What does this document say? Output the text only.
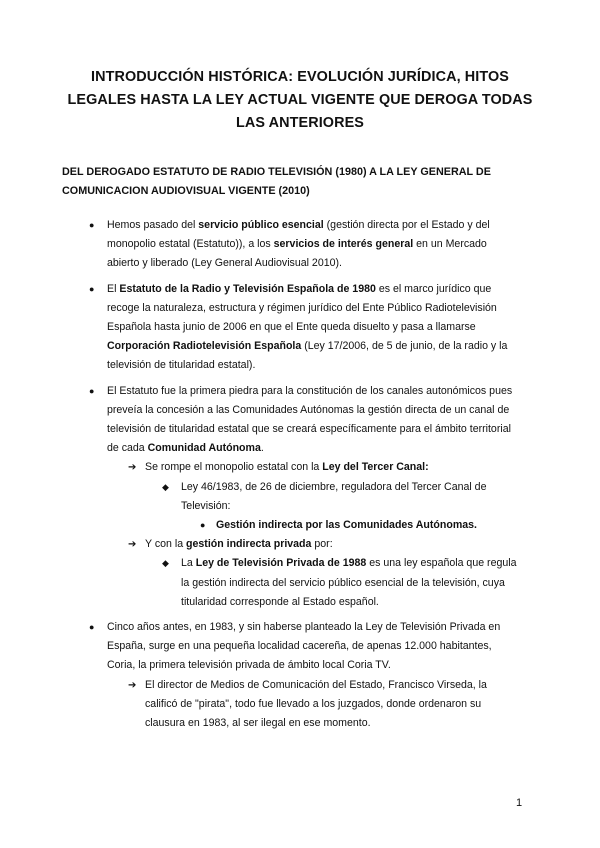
INTRODUCCIÓN HISTÓRICA: EVOLUCIÓN JURÍDICA, HITOS LEGALES HASTA LA LEY ACTUAL VIGENTE QUE DEROGA TODAS LAS ANTERIORES
DEL DEROGADO ESTATUTO DE RADIO TELEVISIÓN (1980) A LA LEY GENERAL DE COMUNICACION AUDIOVISUAL VIGENTE (2010)
● Hemos pasado del servicio público esencial (gestión directa por el Estado y del monopolio estatal (Estatuto)), a los servicios de interés general en un Mercado abierto y liberado (Ley General Audiovisual 2010).
● El Estatuto de la Radio y Televisión Española de 1980 es el marco jurídico que recoge la naturaleza, estructura y régimen jurídico del Ente Público Radiotelevisión Española hasta junio de 2006 en que el Ente queda disuelto y pasa a llamarse Corporación Radiotelevisión Española (Ley 17/2006, de 5 de junio, de la radio y la televisión de titularidad estatal).
● El Estatuto fue la primera piedra para la constitución de los canales autonómicos pues preveía la concesión a las Comunidades Autónomas la gestión directa de un canal de televisión de titularidad estatal que se creará específicamente para el ámbito territorial de cada Comunidad Autónoma.
➔ Se rompe el monopolio estatal con la Ley del Tercer Canal:
◆ Ley 46/1983, de 26 de diciembre, reguladora del Tercer Canal de Televisión:
● Gestión indirecta por las Comunidades Autónomas.
➔ Y con la gestión indirecta privada por:
◆ La Ley de Televisión Privada de 1988 es una ley española que regula la gestión indirecta del servicio público esencial de la televisión, cuya titularidad corresponde al Estado español.
● Cinco años antes, en 1983, y sin haberse planteado la Ley de Televisión Privada en España, surge en una pequeña localidad cacereña, de apenas 12.000 habitantes, Coria, la primera televisión privada de ámbito local Coria TV.
➔ El director de Medios de Comunicación del Estado, Francisco Virseda, la calificó de "pirata", todo fue llevado a los juzgados, donde ordenaron su clausura en 1983, al ser ilegal en ese momento.
1
